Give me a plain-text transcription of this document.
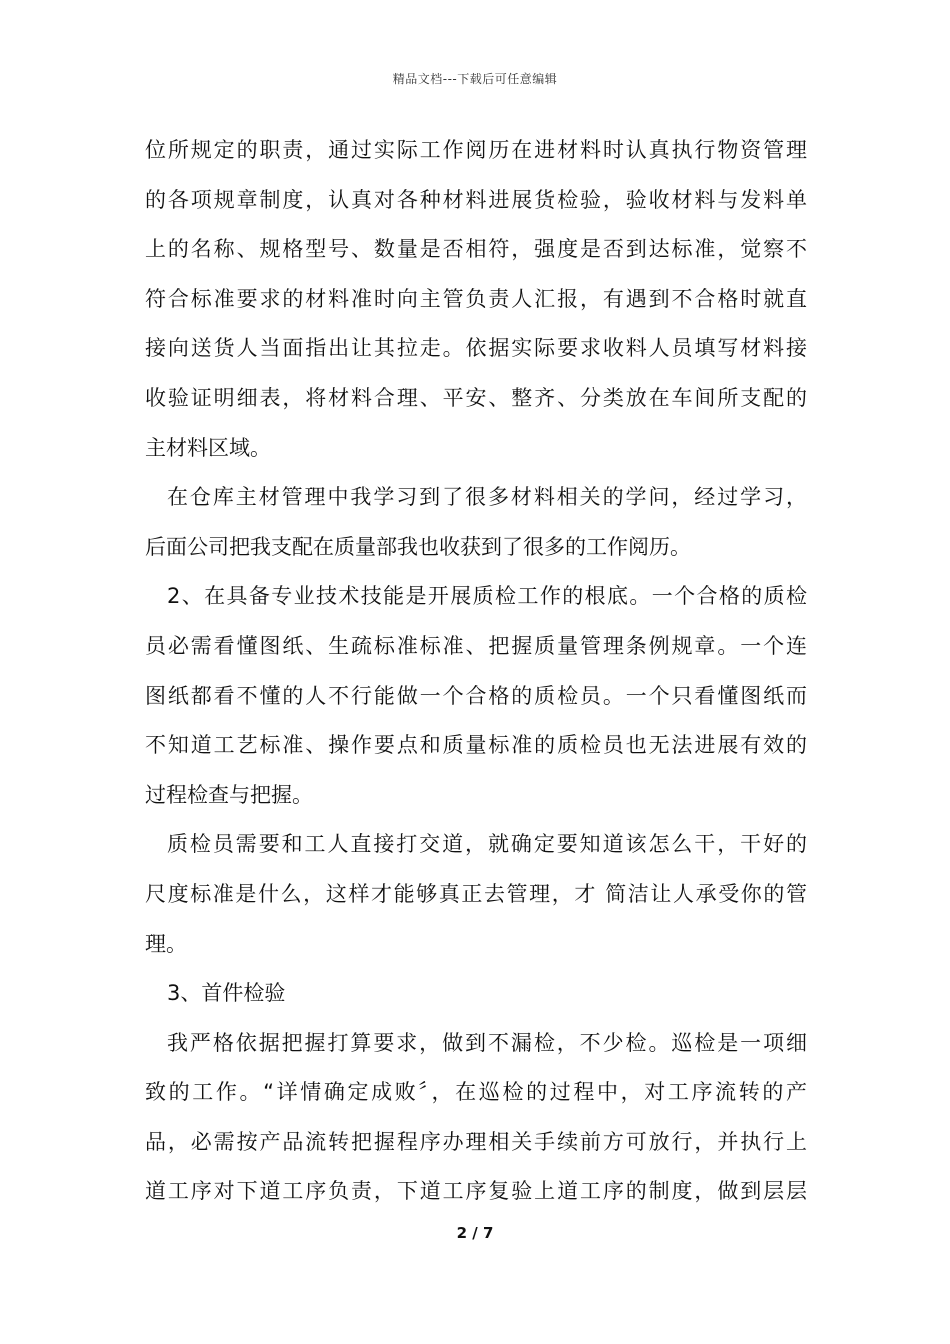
精品文档---下载后可任意编辑
位所规定的职责，通过实际工作阅历在进材料时认真执行物资管理
的各项规章制度，认真对各种材料进展货检验，验收材料与发料单
上的名称、规格型号、数量是否相符，强度是否到达标准，觉察不
符合标准要求的材料准时向主管负责人汇报，有遇到不合格时就直
接向送货人当面指出让其拉走。依据实际要求收料人员填写材料接
收验证明细表，将材料合理、平安、整齐、分类放在车间所支配的
主材料区域。
在仓库主材管理中我学习到了很多材料相关的学问，经过学习，
后面公司把我支配在质量部我也收获到了很多的工作阅历。
2、在具备专业技术技能是开展质检工作的根底。一个合格的质检
员必需看懂图纸、生疏标准标准、把握质量管理条例规章。一个连
图纸都看不懂的人不行能做一个合格的质检员。一个只看懂图纸而
不知道工艺标准、操作要点和质量标准的质检员也无法进展有效的
过程检查与把握。
质检员需要和工人直接打交道，就确定要知道该怎么干，干好的
尺度标准是什么，这样才能够真正去管理，才 简洁让人承受你的管
理。
3、首件检验
我严格依据把握打算要求，做到不漏检，不少检。巡检是一项细
致的工作。“详情确定成败〞，在巡检的过程中，对工序流转的产
品，必需按产品流转把握程序办理相关手续前方可放行，并执行上
道工序对下道工序负责，下道工序复验上道工序的制度，做到层层
2 / 7
